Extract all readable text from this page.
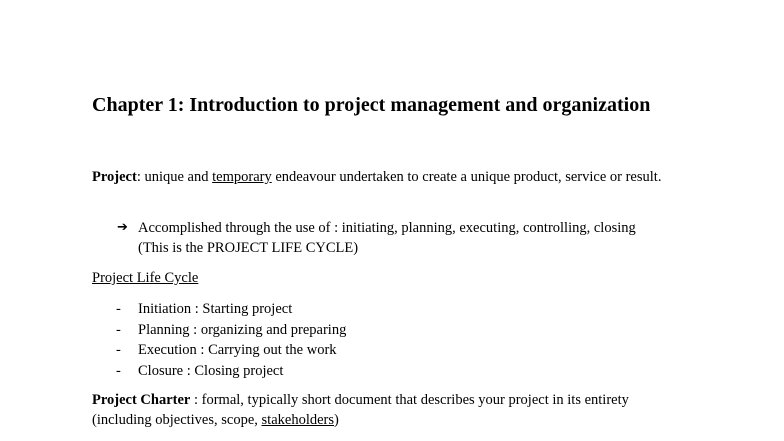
Chapter 1: Introduction to project management and organization

Project: unique and temporary endeavour undertaken to create a unique product, service or result.

➔ Accomplished through the use of : initiating, planning, executing, controlling, closing
(This is the PROJECT LIFE CYCLE)

Project Life Cycle

- Initiation : Starting project
- Planning : organizing and preparing
- Execution : Carrying out the work
- Closure : Closing project

Project Charter : formal, typically short document that describes your project in its entirety (including objectives, scope, stakeholders)
